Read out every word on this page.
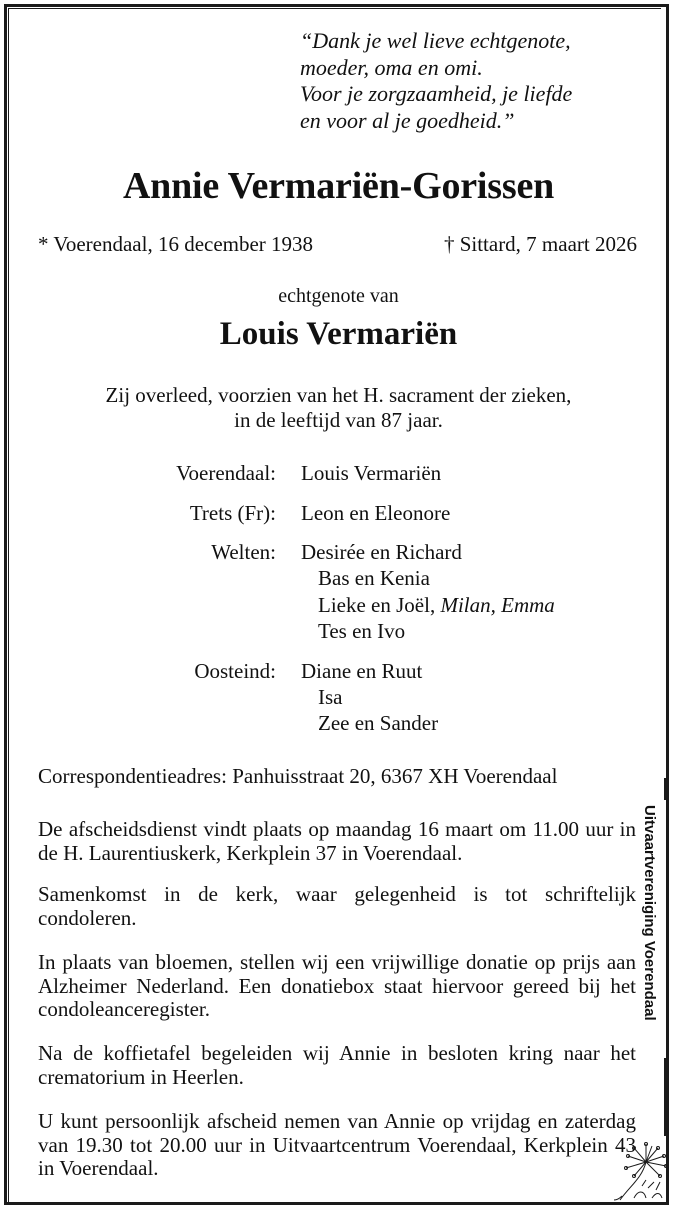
“Dank je wel lieve echtgenote,
moeder, oma en omi.
Voor je zorgzaamheid, je liefde
en voor al je goedheid.”
Annie Vermariën-Gorissen
* Voerendaal, 16 december 1938	† Sittard, 7 maart 2026
echtgenote van
Louis Vermariën
Zij overleed, voorzien van het H. sacrament der zieken,
in de leeftijd van 87 jaar.
Voerendaal: Louis Vermariën
Trets (Fr): Leon en Eleonore
Welten: Desirée en Richard
Bas en Kenia
Lieke en Joël, Milan, Emma
Tes en Ivo
Oosteind: Diane en Ruut
Isa
Zee en Sander
Correspondentieadres: Panhuisstraat 20, 6367 XH Voerendaal
De afscheidsdienst vindt plaats op maandag 16 maart om 11.00 uur in de H. Laurentiuskerk, Kerkplein 37 in Voerendaal.
Samenkomst in de kerk, waar gelegenheid is tot schriftelijk condoleren.
In plaats van bloemen, stellen wij een vrijwillige donatie op prijs aan Alzheimer Nederland. Een donatiebox staat hiervoor gereed bij het condoleanceregister.
Na de koffietafel begeleiden wij Annie in besloten kring naar het crematorium in Heerlen.
U kunt persoonlijk afscheid nemen van Annie op vrijdag en zaterdag van 19.30 tot 20.00 uur in Uitvaartcentrum Voerendaal, Kerkplein 43 in Voerendaal.
Uitvaartvereniging Voerendaal
